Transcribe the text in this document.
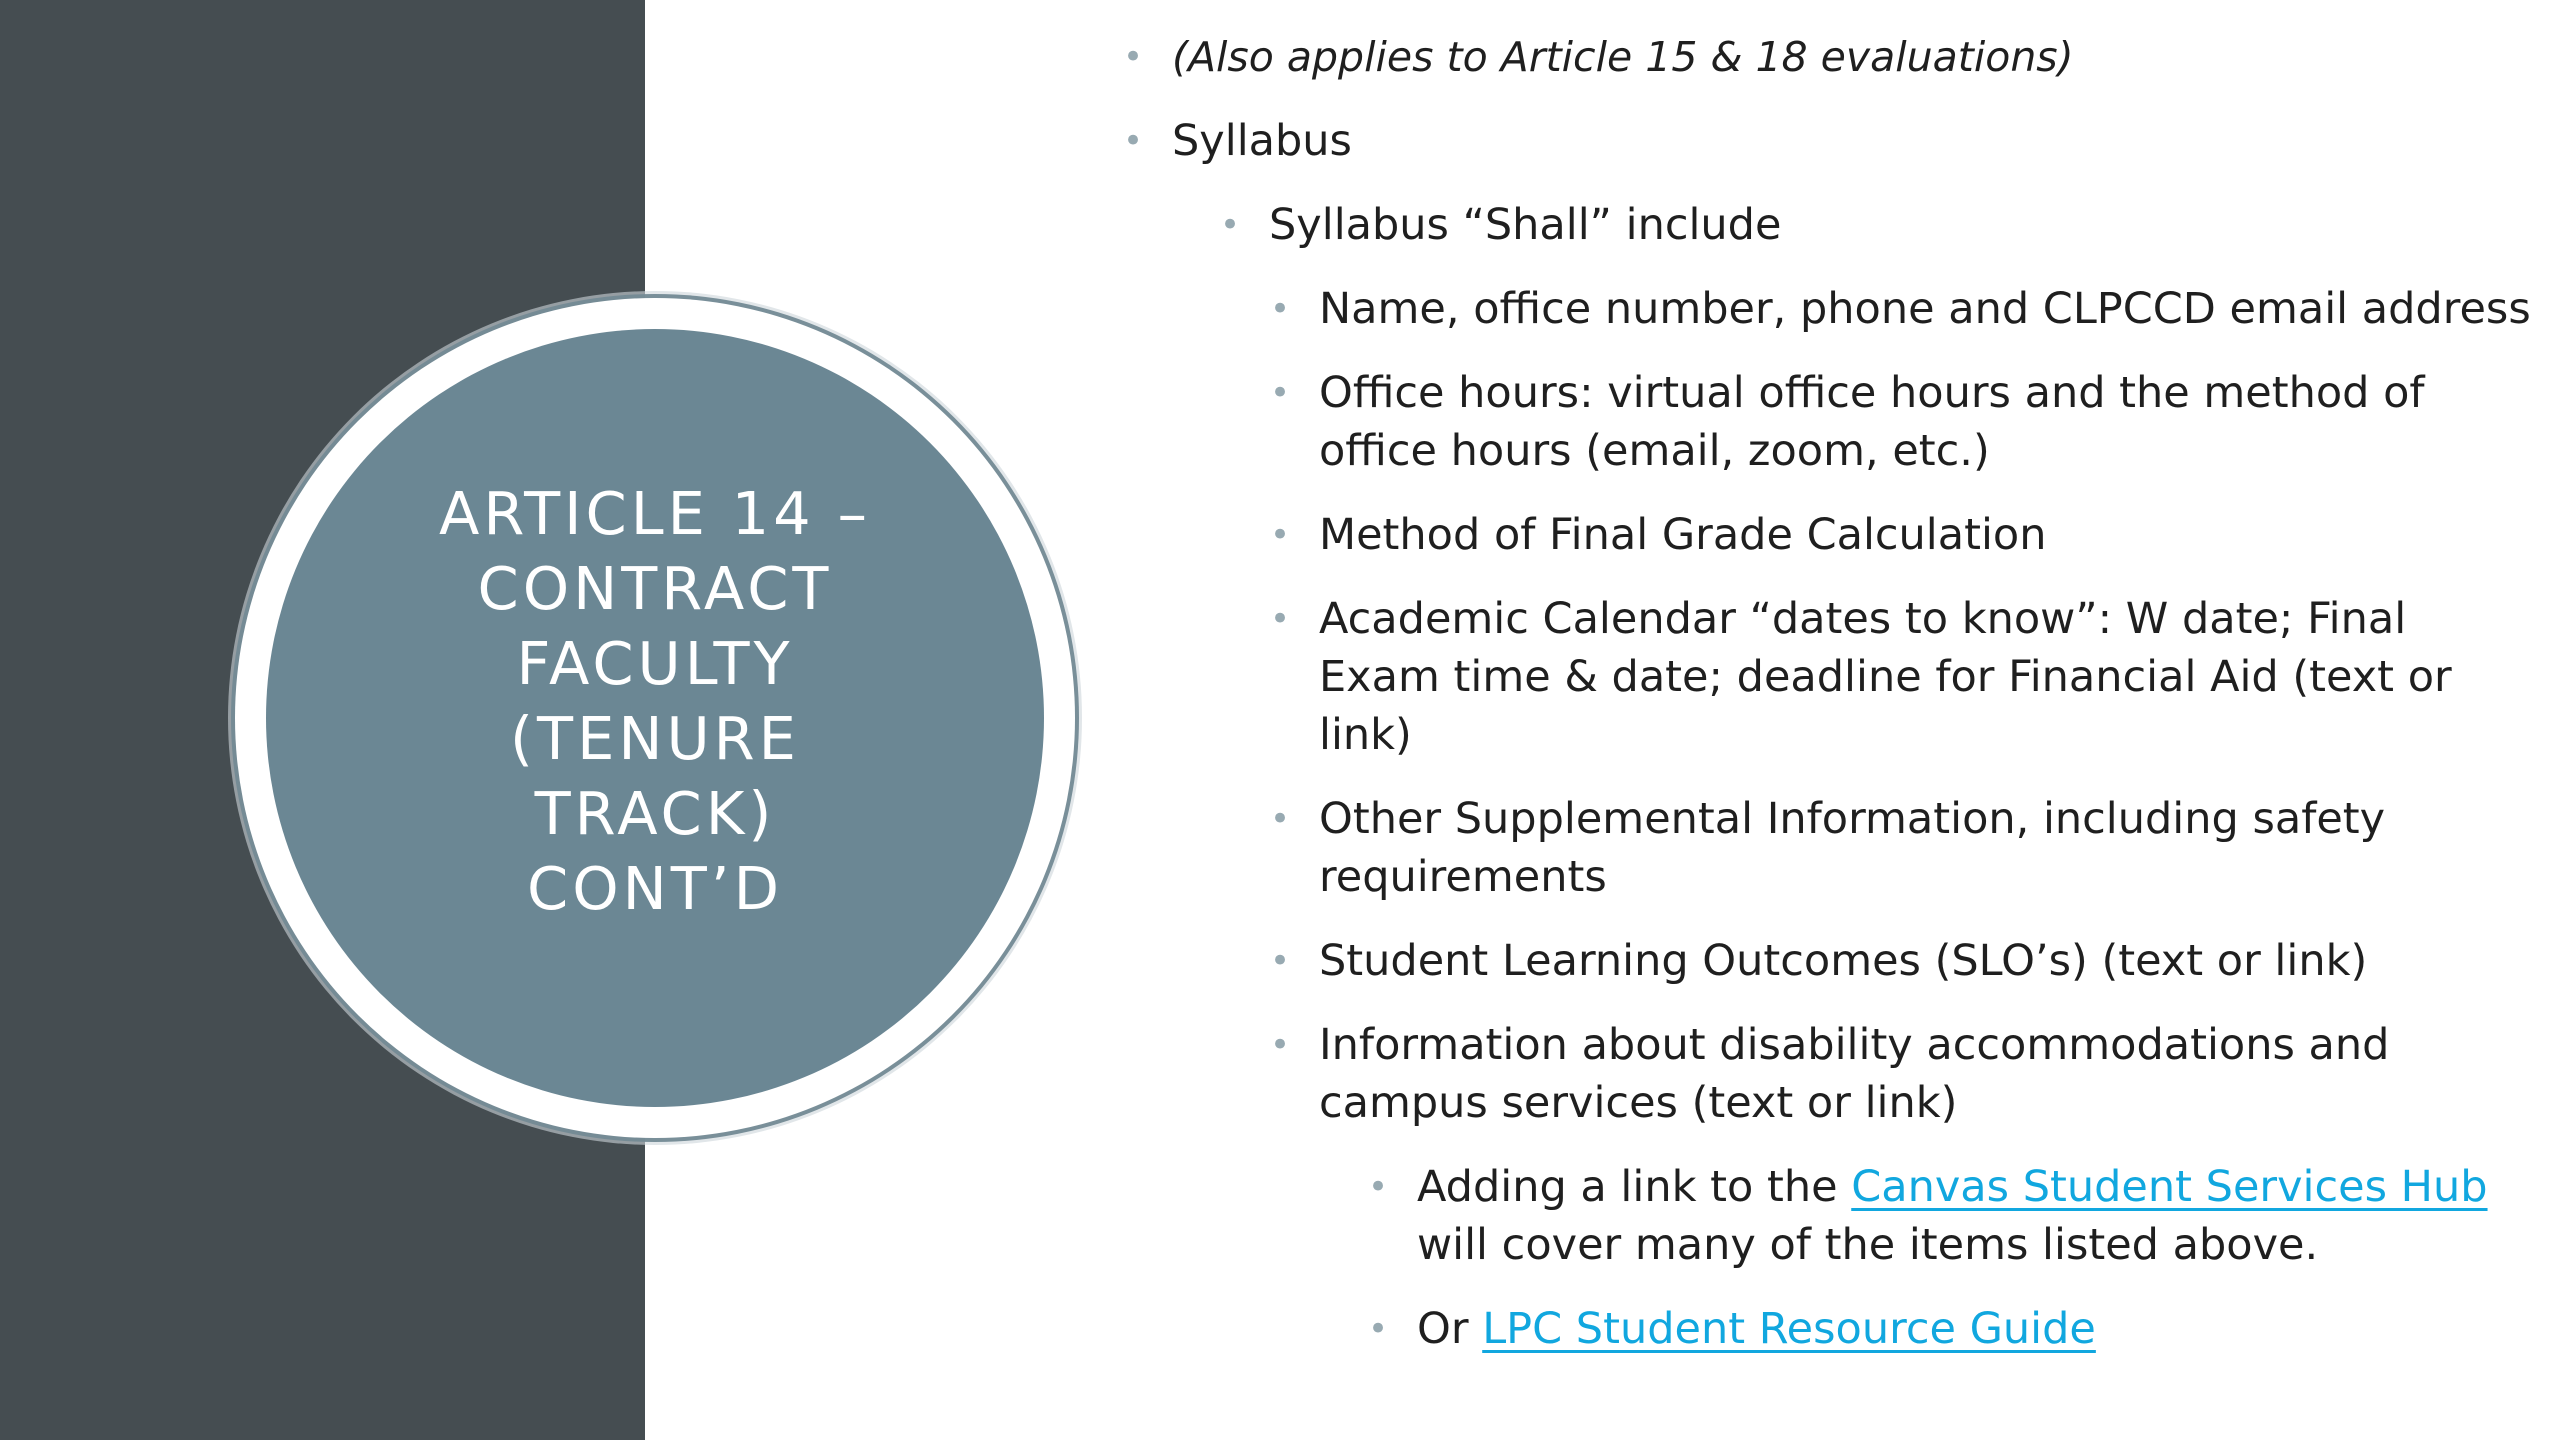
ARTICLE 14 –
CONTRACT
FACULTY
(TENURE
TRACK)
CONT’D
• (Also applies to Article 15 & 18 evaluations)
• Syllabus
• Syllabus “Shall” include
• Name, office number, phone and CLPCCD email address
• Office hours: virtual office hours and the method of office hours (email, zoom, etc.)
• Method of Final Grade Calculation
• Academic Calendar “dates to know”: W date; Final Exam time & date; deadline for Financial Aid (text or link)
• Other Supplemental Information, including safety requirements
• Student Learning Outcomes (SLO’s) (text or link)
• Information about disability accommodations and campus services (text or link)
• Adding a link to the Canvas Student Services Hub will cover many of the items listed above.
• Or LPC Student Resource Guide
